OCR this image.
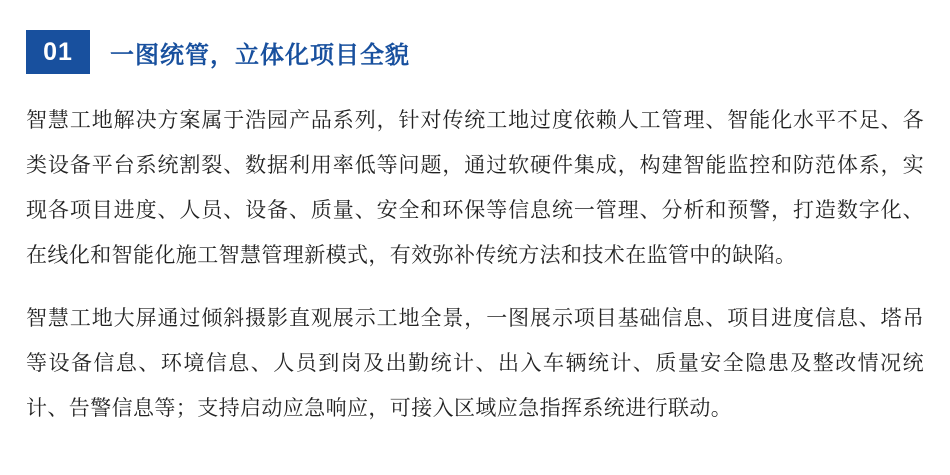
01	一图统管，立体化项目全貌

智慧工地解决方案属于浩园产品系列，针对传统工地过度依赖人工管理、智能化水平不足、各类设备平台系统割裂、数据利用率低等问题，通过软硬件集成，构建智能监控和防范体系，实现各项目进度、人员、设备、质量、安全和环保等信息统一管理、分析和预警，打造数字化、在线化和智能化施工智慧管理新模式，有效弥补传统方法和技术在监管中的缺陷。

智慧工地大屏通过倾斜摄影直观展示工地全景，一图展示项目基础信息、项目进度信息、塔吊等设备信息、环境信息、人员到岗及出勤统计、出入车辆统计、质量安全隐患及整改情况统计、告警信息等；支持启动应急响应，可接入区域应急指挥系统进行联动。
